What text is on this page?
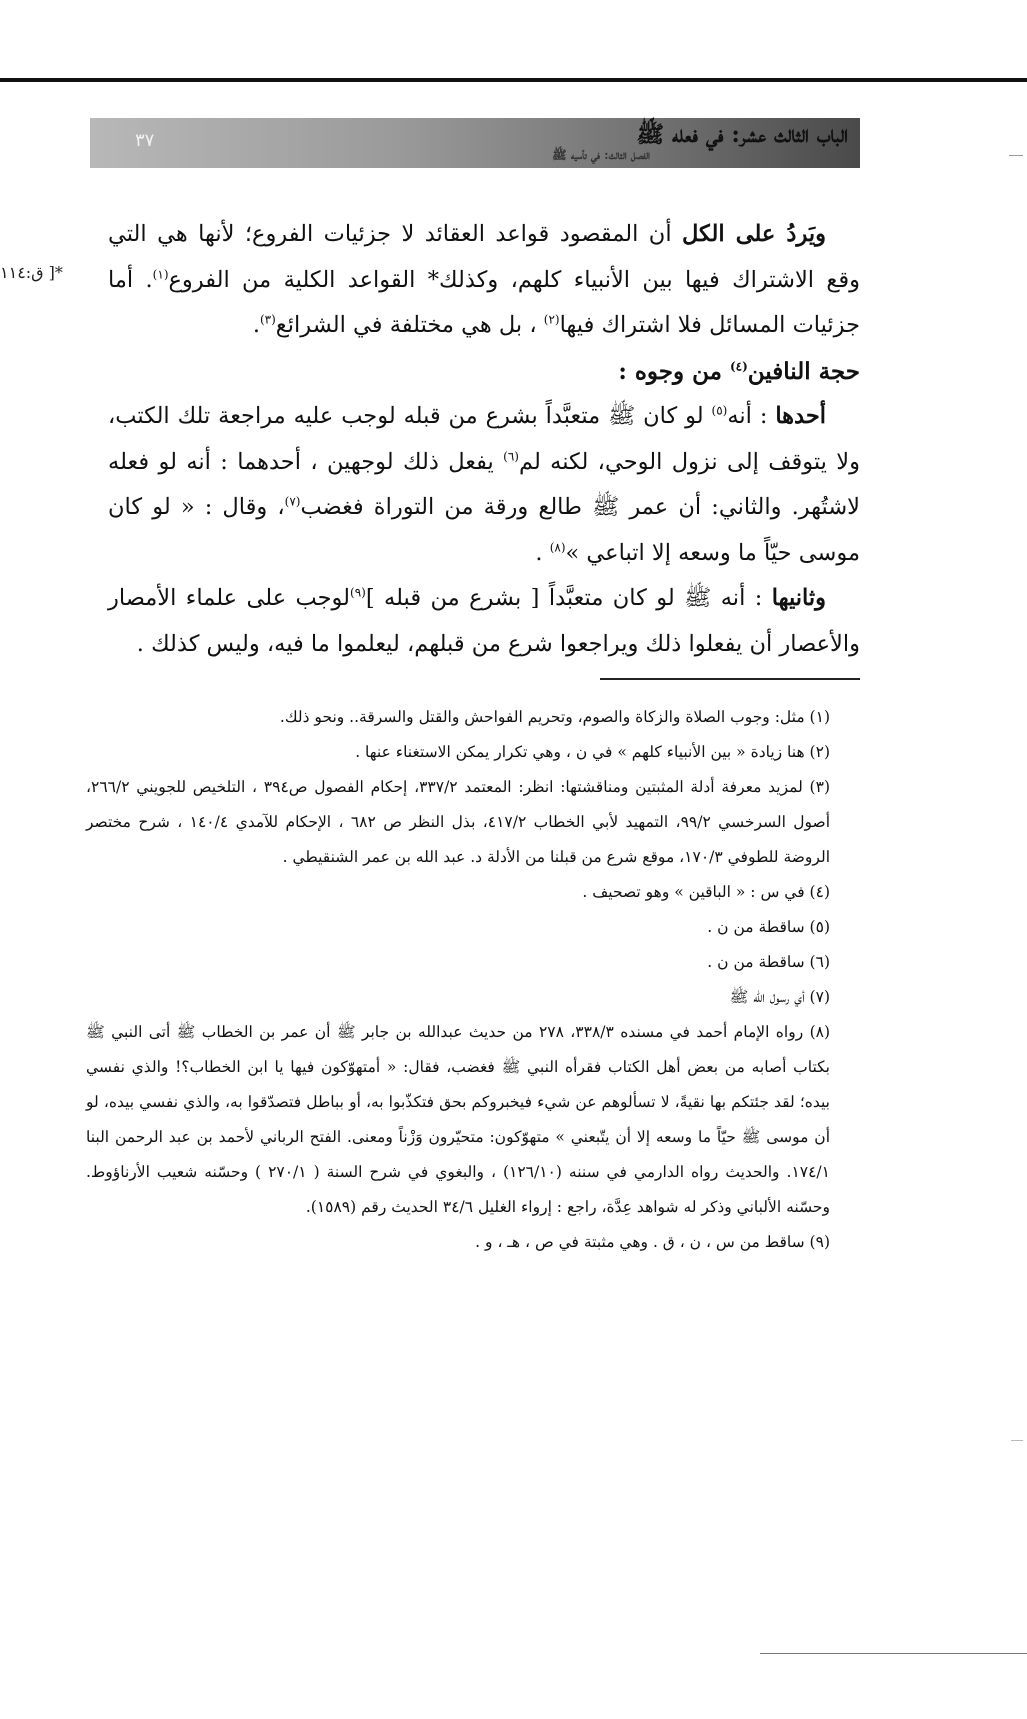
الباب الثالث عشر: في فعله ﷺ
الفصل الثالث: في تأسيه ﷺ
٣٧
*[ ق:١١٤

ويَردُ على الكل أن المقصود قواعد العقائد لا جزئيات الفروع؛ لأنها هي التي وقع الاشتراك فيها بين الأنبياء كلهم، وكذلك* القواعد الكلية من الفروع$^{(١)}$. أما جزئيات المسائل فلا اشتراك فيها$^{(٢)}$ ، بل هي مختلفة في الشرائع$^{(٣)}$.

حجة النافين$^{(٤)}$ من وجوه :

أحدها : أنه$^{(٥)}$ لو كان ﷺ متعبَّداً بشرع من قبله لوجب عليه مراجعة تلك الكتب، ولا يتوقف إلى نزول الوحي، لكنه لم$^{(٦)}$ يفعل ذلك لوجهين ، أحدهما : أنه لو فعله لاشتُهر. والثاني: أن عمر ﷺ طالع ورقة من التوراة فغضب$^{(٧)}$، وقال : « لو كان موسى حيّاً ما وسعه إلا اتباعي »$^{(٨)}$ .

وثانيها : أنه ﷺ لو كان متعبَّداً [ بشرع من قبله ]$^{(٩)}$لوجب على علماء الأمصار والأعصار أن يفعلوا ذلك ويراجعوا شرع من قبلهم، ليعلموا ما فيه، وليس كذلك .

(١) مثل: وجوب الصلاة والزكاة والصوم، وتحريم الفواحش والقتل والسرقة.. ونحو ذلك.

(٢) هنا زيادة « بين الأنبياء كلهم » في ن ، وهي تكرار يمكن الاستغناء عنها .

(٣) لمزيد معرفة أدلة المثبتين ومناقشتها: انظر: المعتمد ٣٣٧/٢، إحكام الفصول ص٣٩٤ ، التلخيص للجويني ٢٦٦/٢، أصول السرخسي ٩٩/٢، التمهيد لأبي الخطاب ٤١٧/٢، بذل النظر ص ٦٨٢ ، الإحكام للآمدي ١٤٠/٤ ، شرح مختصر الروضة للطوفي ١٧٠/٣، موقع شرع من قبلنا من الأدلة د. عبد الله بن عمر الشنقيطي .

(٤) في س : « الباقين » وهو تصحيف .

(٥) ساقطة من ن .

(٦) ساقطة من ن .

(٧) أي رسول الله ﷺ

(٨) رواه الإمام أحمد في مسنده ٣٣٨/٣، ٢٧٨ من حديث عبدالله بن جابر ﷺ أن عمر بن الخطاب ﷺ أتى النبي ﷺ بكتاب أصابه من بعض أهل الكتاب فقرأه النبي ﷺ فغضب، فقال: « أمتهوّكون فيها يا ابن الخطاب؟! والذي نفسي بيده؛ لقد جئتكم بها نقيةً، لا تسألوهم عن شيء فيخبروكم بحق فتكذّبوا به، أو بباطل فتصدّقوا به، والذي نفسي بيده، لو أن موسى ﷺ حيّاً ما وسعه إلا أن يتّبعني » متهوّكون: متحيّرون وَزْناً ومعنى. الفتح الرباني لأحمد بن عبد الرحمن البنا ١٧٤/١. والحديث رواه الدارمي في سننه (١٢٦/١٠) ، والبغوي في شرح السنة ( ٢٧٠/١ ) وحسّنه شعيب الأرناؤوط. وحسّنه الألباني وذكر له شواهد عِدَّة، راجع : إرواء الغليل ٣٤/٦ الحديث رقم (١٥٨٩).

(٩) ساقط من س ، ن ، ق . وهي مثبتة في ص ، هـ ، و .
